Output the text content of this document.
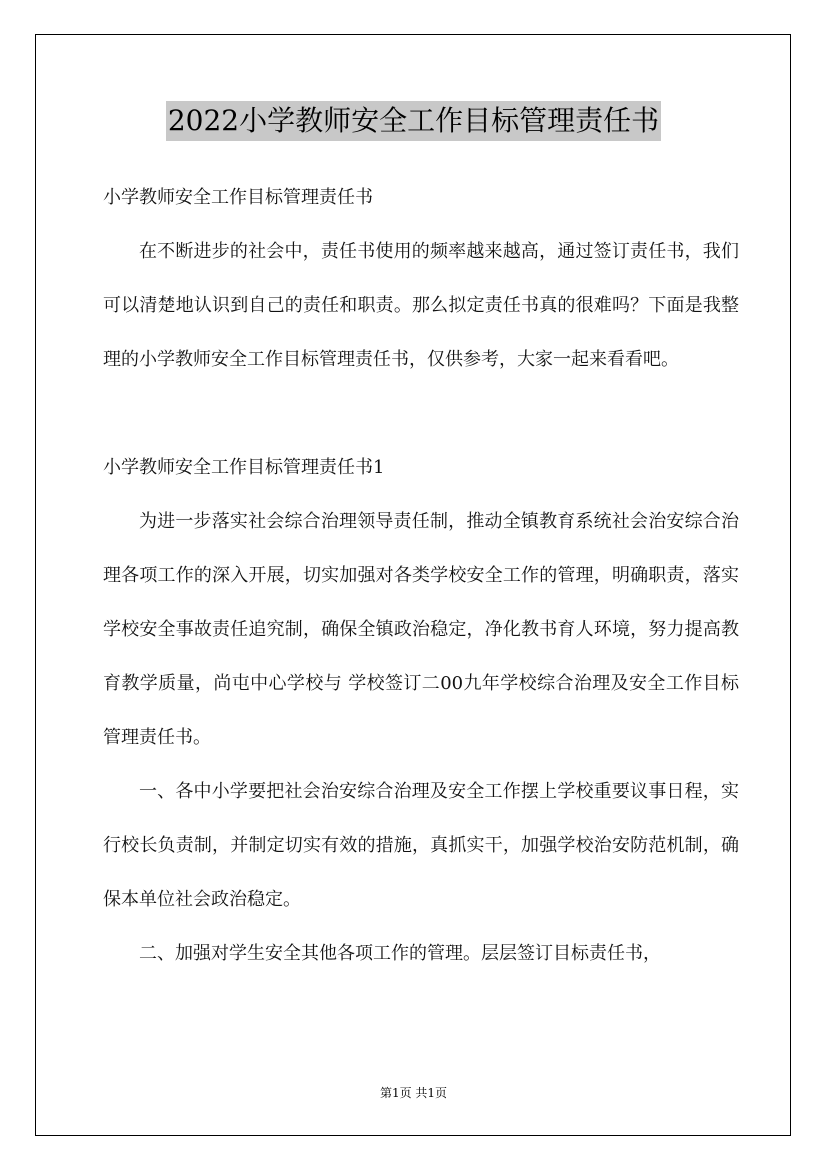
2022小学教师安全工作目标管理责任书

小学教师安全工作目标管理责任书

在不断进步的社会中，责任书使用的频率越来越高，通过签订责任书，我们可以清楚地认识到自己的责任和职责。那么拟定责任书真的很难吗？下面是我整理的小学教师安全工作目标管理责任书，仅供参考，大家一起来看看吧。

小学教师安全工作目标管理责任书1

为进一步落实社会综合治理领导责任制，推动全镇教育系统社会治安综合治理各项工作的深入开展，切实加强对各类学校安全工作的管理，明确职责，落实学校安全事故责任追究制，确保全镇政治稳定，净化教书育人环境，努力提高教育教学质量，尚屯中心学校与 学校签订二00九年学校综合治理及安全工作目标管理责任书。

一、各中小学要把社会治安综合治理及安全工作摆上学校重要议事日程，实行校长负责制，并制定切实有效的措施，真抓实干，加强学校治安防范机制，确保本单位社会政治稳定。

二、加强对学生安全其他各项工作的管理。层层签订目标责任书，

第1页 共1页
